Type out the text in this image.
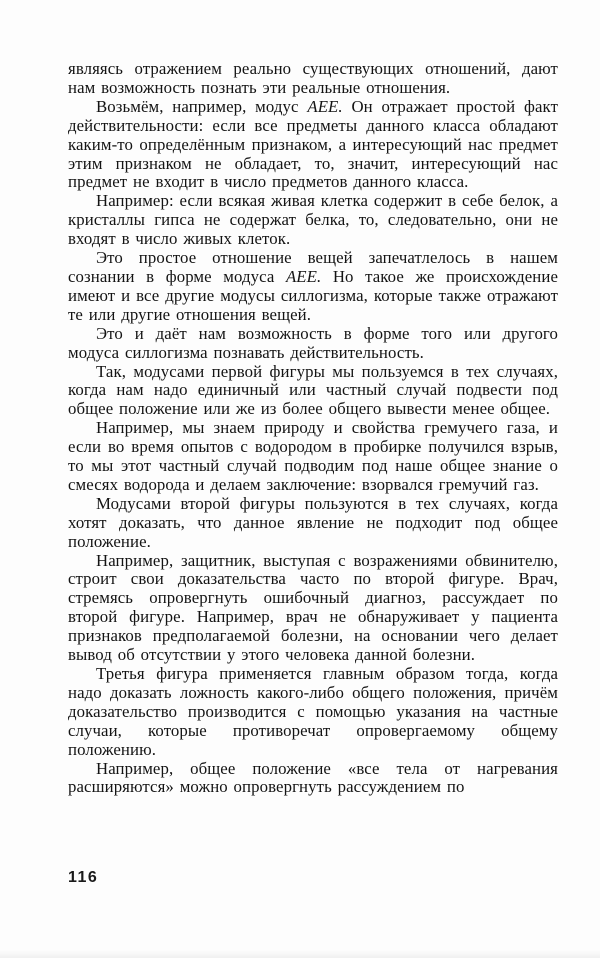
являясь отражением реально существующих отношений, дают нам возможность познать эти реальные отношения.

Возьмём, например, модус АЕЕ. Он отражает простой факт действительности: если все предметы данного класса обладают каким-то определённым признаком, а интересующий нас предмет этим признаком не обладает, то, значит, интересующий нас предмет не входит в число предметов данного класса.

Например: если всякая живая клетка содержит в себе белок, а кристаллы гипса не содержат белка, то, следовательно, они не входят в число живых клеток.

Это простое отношение вещей запечатлелось в нашем сознании в форме модуса АЕЕ. Но такое же происхождение имеют и все другие модусы силлогизма, которые также отражают те или другие отношения вещей.

Это и даёт нам возможность в форме того или другого модуса силлогизма познавать действительность.

Так, модусами первой фигуры мы пользуемся в тех случаях, когда нам надо единичный или частный случай подвести под общее положение или же из более общего вывести менее общее.

Например, мы знаем природу и свойства гремучего газа, и если во время опытов с водородом в пробирке получился взрыв, то мы этот частный случай подводим под наше общее знание о смесях водорода и делаем заключение: взорвался гремучий газ.

Модусами второй фигуры пользуются в тех случаях, когда хотят доказать, что данное явление не подходит под общее положение.

Например, защитник, выступая с возражениями обвинителю, строит свои доказательства часто по второй фигуре. Врач, стремясь опровергнуть ошибочный диагноз, рассуждает по второй фигуре. Например, врач не обнаруживает у пациента признаков предполагаемой болезни, на основании чего делает вывод об отсутствии у этого человека данной болезни.

Третья фигура применяется главным образом тогда, когда надо доказать ложность какого-либо общего положения, причём доказательство производится с помощью указания на частные случаи, которые противоречат опровергаемому общему положению.

Например, общее положение «все тела от нагревания расширяются» можно опровергнуть рассуждением по

116
